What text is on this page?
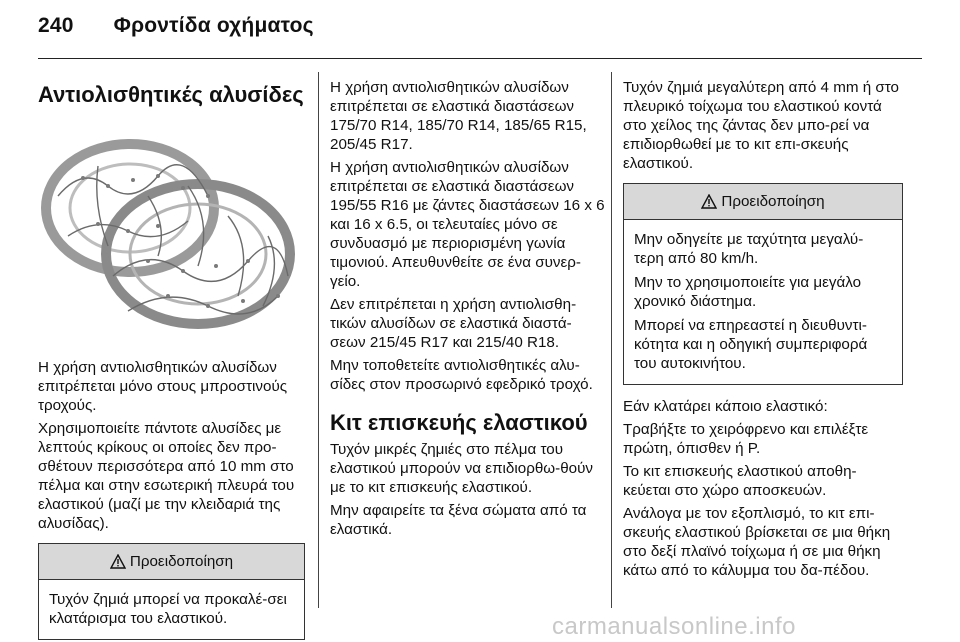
240 Φροντίδα οχήματος
Αντιολισθητικές αλυσίδες

Η χρήση αντιολισθητικών αλυσίδων επιτρέπεται μόνο στους μπροστινούς τροχούς.

Χρησιμοποιείτε πάντοτε αλυσίδες με λεπτούς κρίκους οι οποίες δεν προ-σθέτουν περισσότερα από 10 mm στο πέλμα και στην εσωτερική πλευρά του ελαστικού (μαζί με την κλειδαριά της αλυσίδας).

Προειδοποίηση

Τυχόν ζημιά μπορεί να προκαλέ-σει κλατάρισμα του ελαστικού.

Η χρήση αντιολισθητικών αλυσίδων επιτρέπεται σε ελαστικά διαστάσεων 175/70 R14, 185/70 R14, 185/65 R15, 205/45 R17.

Η χρήση αντιολισθητικών αλυσίδων επιτρέπεται σε ελαστικά διαστάσεων 195/55 R16 με ζάντες διαστάσεων 16 x 6 και 16 x 6.5, οι τελευταίες μόνο σε συνδυασμό με περιορισμένη γωνία τιμονιού. Απευθυνθείτε σε ένα συνερ-γείο.

Δεν επιτρέπεται η χρήση αντιολισθη-τικών αλυσίδων σε ελαστικά διαστά-σεων 215/45 R17 και 215/40 R18.

Μην τοποθετείτε αντιολισθητικές αλυ-σίδες στον προσωρινό εφεδρικό τροχό.

Κιτ επισκευής ελαστικού

Τυχόν μικρές ζημιές στο πέλμα του ελαστικού μπορούν να επιδιορθω-θούν με το κιτ επισκευής ελαστικού.

Μην αφαιρείτε τα ξένα σώματα από τα ελαστικά.

Τυχόν ζημιά μεγαλύτερη από 4 mm ή στο πλευρικό τοίχωμα του ελαστικού κοντά στο χείλος της ζάντας δεν μπο-ρεί να επιδιορθωθεί με το κιτ επι-σκευής ελαστικού.

Προειδοποίηση

Μην οδηγείτε με ταχύτητα μεγαλύ-τερη από 80 km/h.

Μην το χρησιμοποιείτε για μεγάλο χρονικό διάστημα.

Μπορεί να επηρεαστεί η διευθυντι-κότητα και η οδηγική συμπεριφορά του αυτοκινήτου.

Εάν κλατάρει κάποιο ελαστικό:

Τραβήξτε το χειρόφρενο και επιλέξτε πρώτη, όπισθεν ή P.

Το κιτ επισκευής ελαστικού αποθη-κεύεται στο χώρο αποσκευών.

Ανάλογα με τον εξοπλισμό, το κιτ επι-σκευής ελαστικού βρίσκεται σε μια θήκη στο δεξί πλαϊνό τοίχωμα ή σε μια θήκη κάτω από το κάλυμμα του δα-πέδου.

carmanualsonline.info
